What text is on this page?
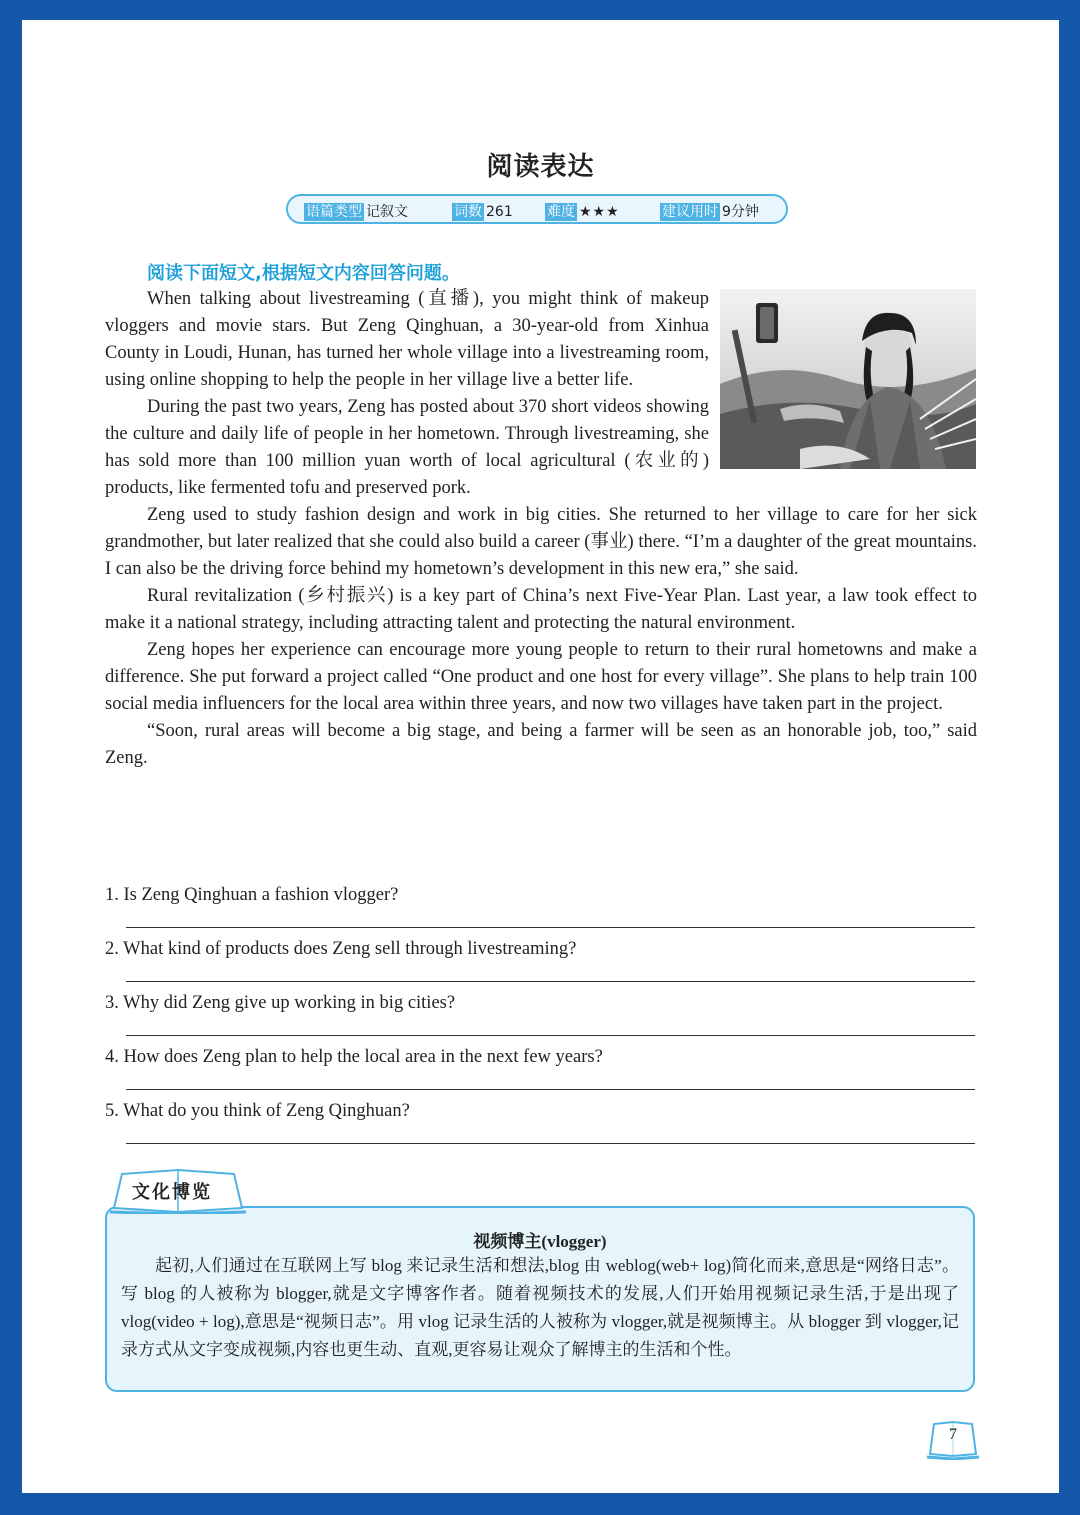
阅读表达
语篇类型 记叙文	词数 261 难度 ★★★	建议用时 9分钟
阅读下面短文,根据短文内容回答问题。

When talking about livestreaming (直播), you might think of makeup vloggers and movie stars. But Zeng Qinghuan, a 30-year-old from Xinhua County in Loudi, Hunan, has turned her whole village into a livestreaming room, using online shopping to help the people in her village live a better life.

During the past two years, Zeng has posted about 370 short videos showing the culture and daily life of people in her hometown. Through livestreaming, she has sold more than 100 million yuan worth of local agricultural (农业的) products, like fermented tofu and preserved pork.

Zeng used to study fashion design and work in big cities. She returned to her village to care for her sick grandmother, but later realized that she could also build a career (事业) there. “I’m a daughter of the great mountains. I can also be the driving force behind my hometown’s development in this new era,” she said.

Rural revitalization (乡村振兴) is a key part of China’s next Five-Year Plan. Last year, a law took effect to make it a national strategy, including attracting talent and protecting the natural environment.

Zeng hopes her experience can encourage more young people to return to their rural hometowns and make a difference. She put forward a project called “One product and one host for every village”. She plans to help train 100 social media influencers for the local area within three years, and now two villages have taken part in the project.

“Soon, rural areas will become a big stage, and being a farmer will be seen as an honorable job, too,” said Zeng.

1. Is Zeng Qinghuan a fashion vlogger?
2. What kind of products does Zeng sell through livestreaming?
3. Why did Zeng give up working in big cities?
4. How does Zeng plan to help the local area in the next few years?
5. What do you think of Zeng Qinghuan?
视频博主(vlogger)

起初,人们通过在互联网上写 blog 来记录生活和想法,blog 由 weblog(web+ log)简化而来,意思是“网络日志”。写 blog 的人被称为 blogger,就是文字博客作者。随着视频技术的发展,人们开始用视频记录生活,于是出现了 vlog(video + log),意思是“视频日志”。用 vlog 记录生活的人被称为 vlogger,就是视频博主。从 blogger 到 vlogger,记录方式从文字变成视频,内容也更生动、直观,更容易让观众了解博主的生活和个性。

文化博览
7
